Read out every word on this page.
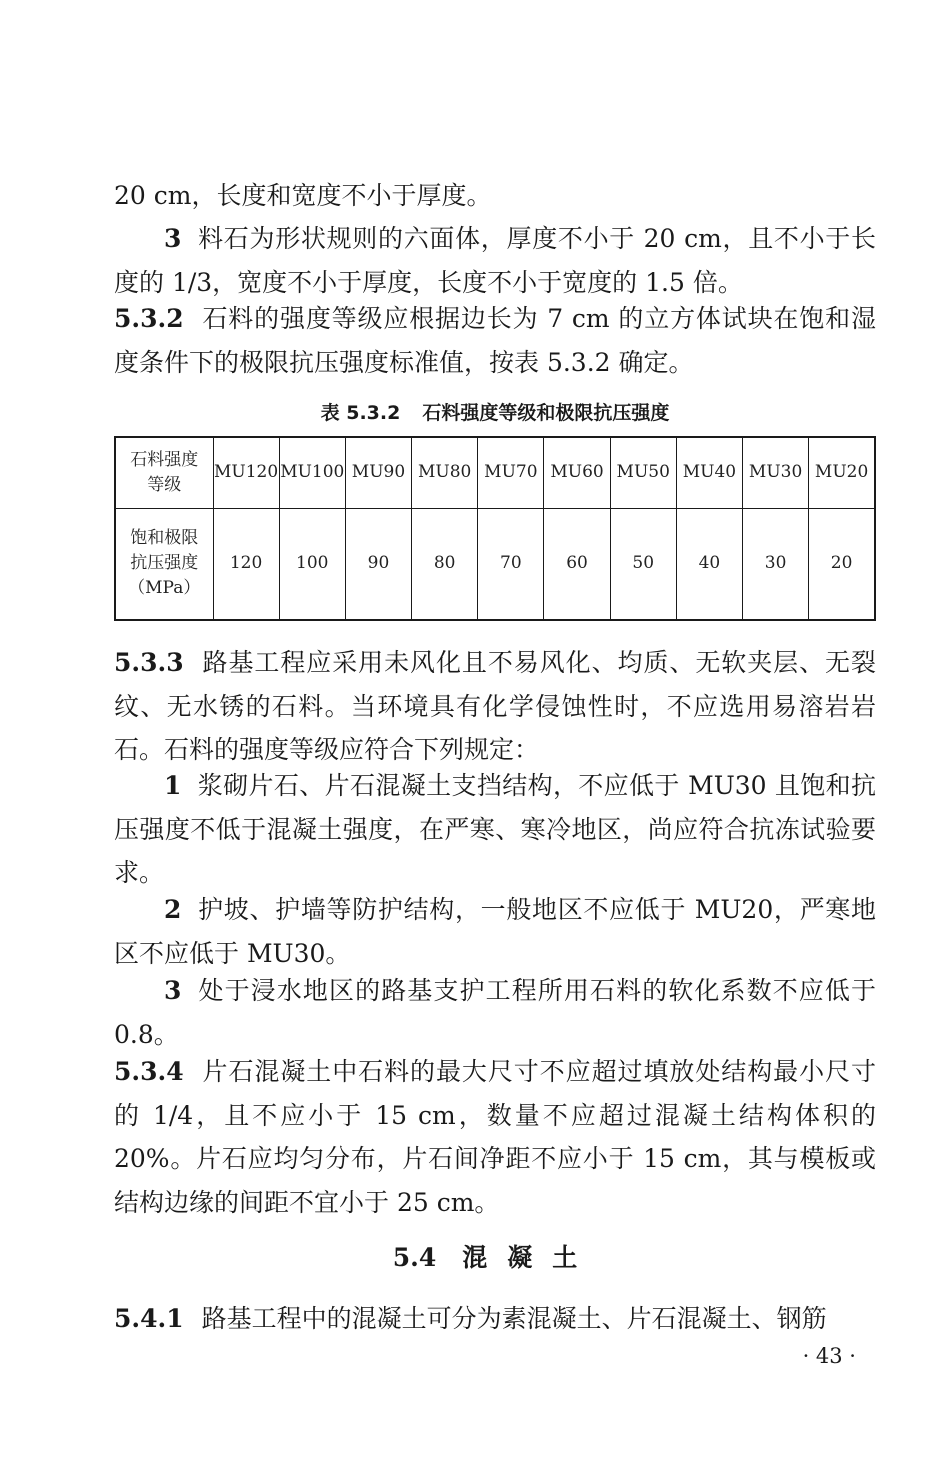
20 cm，长度和宽度不小于厚度。

3 料石为形状规则的六面体，厚度不小于 20 cm，且不小于长度的 1/3，宽度不小于厚度，长度不小于宽度的 1.5 倍。

5.3.2 石料的强度等级应根据边长为 7 cm 的立方体试块在饱和湿度条件下的极限抗压强度标准值，按表 5.3.2 确定。

表 5.3.2 石料强度等级和极限抗压强度
石料强度
等级	MU120	MU100	MU90	MU80	MU70	MU60	MU50	MU40	MU30	MU20

饱和极限
抗压强度
（MPa）	120	100	90	80	70	60	50	40	30	20

5.3.3 路基工程应采用未风化且不易风化、均质、无软夹层、无裂纹、无水锈的石料。当环境具有化学侵蚀性时，不应选用易溶岩岩石。石料的强度等级应符合下列规定：

1 浆砌片石、片石混凝土支挡结构，不应低于 MU30 且饱和抗压强度不低于混凝土强度，在严寒、寒冷地区，尚应符合抗冻试验要求。

2 护坡、护墙等防护结构，一般地区不应低于 MU20，严寒地区不应低于 MU30。

3 处于浸水地区的路基支护工程所用石料的软化系数不应低于 0.8。

5.3.4 片石混凝土中石料的最大尺寸不应超过填放处结构最小尺寸的 1/4，且不应小于 15 cm，数量不应超过混凝土结构体积的 20%。片石应均匀分布，片石间净距不应小于 15 cm，其与模板或结构边缘的间距不宜小于 25 cm。

5.4 混凝土

5.4.1 路基工程中的混凝土可分为素混凝土、片石混凝土、钢筋

· 43 ·
